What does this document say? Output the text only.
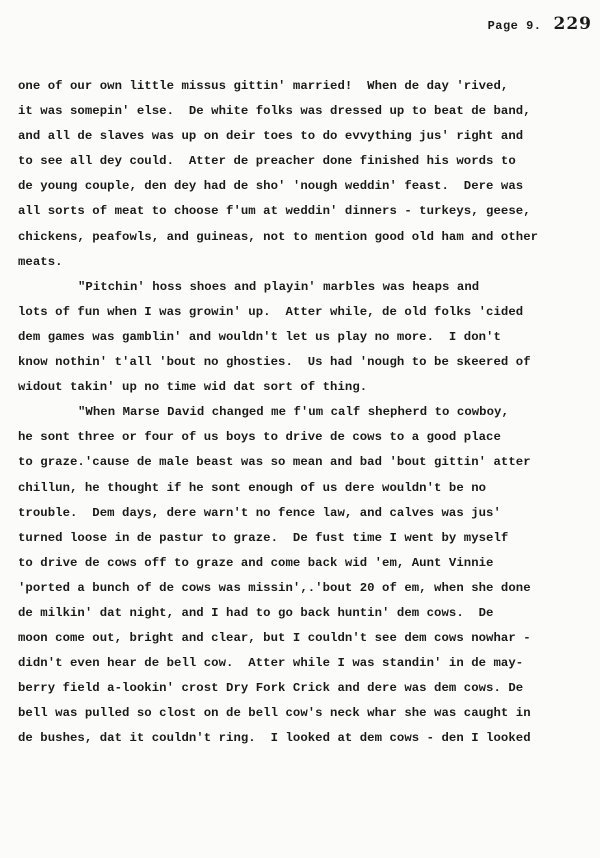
Page 9. 229
one of our own little missus gittin' married!  When de day 'rived,
it was somepin' else.  De white folks was dressed up to beat de band,
and all de slaves was up on deir toes to do evvything jus' right and
to see all dey could.  Atter de preacher done finished his words to
de young couple, den dey had de sho' 'nough weddin' feast.  Dere was
all sorts of meat to choose f'um at weddin' dinners - turkeys, geese,
chickens, peafowls, and guineas, not to mention good old ham and other
meats.
"Pitchin' hoss shoes and playin' marbles was heaps and
lots of fun when I was growin' up.  Atter while, de old folks 'cided
dem games was gamblin' and wouldn't let us play no more.  I don't
know nothin' t'all 'bout no ghosties.  Us had 'nough to be skeered of
widout takin' up no time wid dat sort of thing.
"When Marse David changed me f'um calf shepherd to cowboy,
he sont three or four of us boys to drive de cows to a good place
to graze.'cause de male beast was so mean and bad 'bout gittin' atter
chillun, he thought if he sont enough of us dere wouldn't be no
trouble.  Dem days, dere warn't no fence law, and calves was jus'
turned loose in de pastur to graze.  De fust time I went by myself
to drive de cows off to graze and come back wid 'em, Aunt Vinnie
'ported a bunch of de cows was missin',.'bout 20 of em, when she done
de milkin' dat night, and I had to go back huntin' dem cows.  De
moon come out, bright and clear, but I couldn't see dem cows nowhar -
didn't even hear de bell cow.  Atter while I was standin' in de may-
berry field a-lookin' crost Dry Fork Crick and dere was dem cows. De
bell was pulled so clost on de bell cow's neck whar she was caught in
de bushes, dat it couldn't ring.  I looked at dem cows - den I looked
